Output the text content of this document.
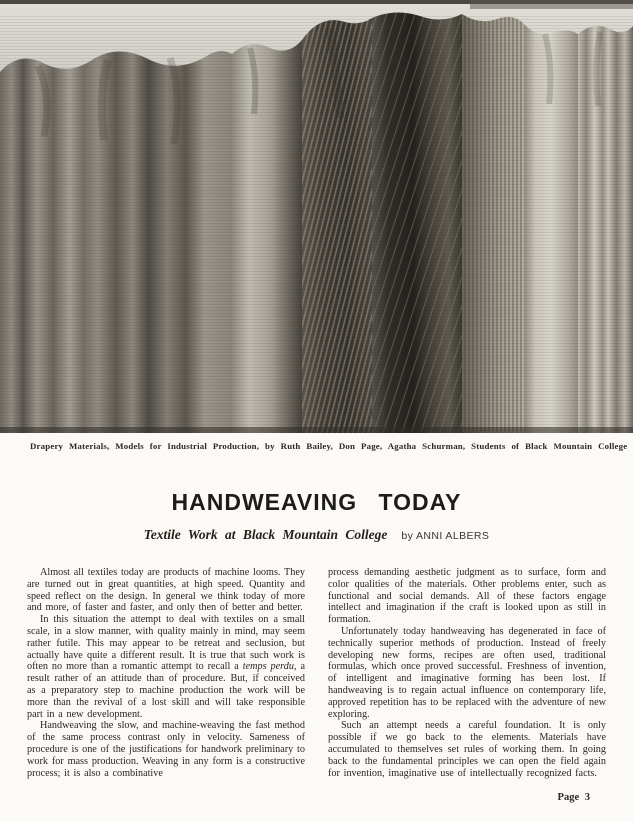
Drapery Materials, Models for Industrial Production, by Ruth Bailey, Don Page, Agatha Schurman, Students of Black Mountain College
HANDWEAVING TODAY
Textile Work at Black Mountain College by ANNI ALBERS

Almost all textiles today are products of machine looms. They are turned out in great quantities, at high speed. Quantity and speed reflect on the design. In general we think today of more and more, of faster and faster, and only then of better and better.

In this situation the attempt to deal with textiles on a small scale, in a slow manner, with quality mainly in mind, may seem rather futile. This may appear to be retreat and seclusion, but actually have quite a different result. It is true that such work is often no more than a romantic attempt to recall a temps perdu, a result rather of an attitude than of procedure. But, if conceived as a preparatory step to machine production the work will be more than the revival of a lost skill and will take responsible part in a new development.

Handweaving the slow, and machine-weaving the fast method of the same process contrast only in velocity. Sameness of procedure is one of the justifications for handwork preliminary to work for mass production. Weaving in any form is a constructive process; it is also a combinative

process demanding aesthetic judgment as to surface, form and color qualities of the materials. Other problems enter, such as functional and social demands. All of these factors engage intellect and imagination if the craft is looked upon as still in formation.

Unfortunately today handweaving has degenerated in face of technically superior methods of production. Instead of freely developing new forms, recipes are often used, traditional formulas, which once proved successful. Freshness of invention, of intelligent and imaginative forming has been lost. If handweaving is to regain actual influence on contemporary life, approved repetition has to be replaced with the adventure of new exploring.

Such an attempt needs a careful foundation. It is only possible if we go back to the elements. Materials have accumulated to themselves set rules of working them. In going back to the fundamental principles we can open the field again for invention, imaginative use of intellectually recognized facts.

Page 3
